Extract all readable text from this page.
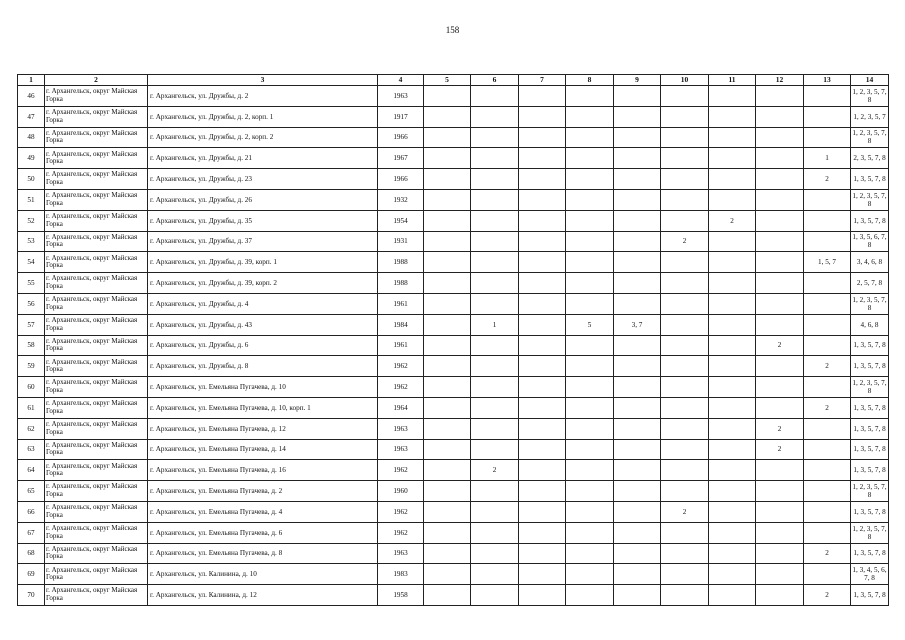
158
1	2	3	4	5	6	7	8	9	10	11	12	13	14
46	г. Архангельск, округ Майская Горка	г. Архангельск, ул. Дружбы, д. 2	1963										1, 2, 3, 5, 7, 8
47	г. Архангельск, округ Майская Горка	г. Архангельск, ул. Дружбы, д. 2, корп. 1	1917										1, 2, 3, 5, 7
48	г. Архангельск, округ Майская Горка	г. Архангельск, ул. Дружбы, д. 2, корп. 2	1966										1, 2, 3, 5, 7, 8
49	г. Архангельск, округ Майская Горка	г. Архангельск, ул. Дружбы, д. 21	1967									1	2, 3, 5, 7, 8
50	г. Архангельск, округ Майская Горка	г. Архангельск, ул. Дружбы, д. 23	1966									2	1, 3, 5, 7, 8
51	г. Архангельск, округ Майская Горка	г. Архангельск, ул. Дружбы, д. 26	1932										1, 2, 3, 5, 7, 8
52	г. Архангельск, округ Майская Горка	г. Архангельск, ул. Дружбы, д. 35	1954							2			1, 3, 5, 7, 8
53	г. Архангельск, округ Майская Горка	г. Архангельск, ул. Дружбы, д. 37	1931						2				1, 3, 5, 6, 7, 8
54	г. Архангельск, округ Майская Горка	г. Архангельск, ул. Дружбы, д. 39, корп. 1	1988									1, 5, 7	3, 4, 6, 8
55	г. Архангельск, округ Майская Горка	г. Архангельск, ул. Дружбы, д. 39, корп. 2	1988										2, 5, 7, 8
56	г. Архангельск, округ Майская Горка	г. Архангельск, ул. Дружбы, д. 4	1961										1, 2, 3, 5, 7, 8
57	г. Архангельск, округ Майская Горка	г. Архангельск, ул. Дружбы, д. 43	1984		1		5	3, 7					4, 6, 8
58	г. Архангельск, округ Майская Горка	г. Архангельск, ул. Дружбы, д. 6	1961								2		1, 3, 5, 7, 8
59	г. Архангельск, округ Майская Горка	г. Архангельск, ул. Дружбы, д. 8	1962									2	1, 3, 5, 7, 8
60	г. Архангельск, округ Майская Горка	г. Архангельск, ул. Емельяна Пугачева, д. 10	1962										1, 2, 3, 5, 7, 8
61	г. Архангельск, округ Майская Горка	г. Архангельск, ул. Емельяна Пугачева, д. 10, корп. 1	1964									2	1, 3, 5, 7, 8
62	г. Архангельск, округ Майская Горка	г. Архангельск, ул. Емельяна Пугачева, д. 12	1963								2		1, 3, 5, 7, 8
63	г. Архангельск, округ Майская Горка	г. Архангельск, ул. Емельяна Пугачева, д. 14	1963								2		1, 3, 5, 7, 8
64	г. Архангельск, округ Майская Горка	г. Архангельск, ул. Емельяна Пугачева, д. 16	1962		2								1, 3, 5, 7, 8
65	г. Архангельск, округ Майская Горка	г. Архангельск, ул. Емельяна Пугачева, д. 2	1960										1, 2, 3, 5, 7, 8
66	г. Архангельск, округ Майская Горка	г. Архангельск, ул. Емельяна Пугачева, д. 4	1962						2				1, 3, 5, 7, 8
67	г. Архангельск, округ Майская Горка	г. Архангельск, ул. Емельяна Пугачева, д. 6	1962										1, 2, 3, 5, 7, 8
68	г. Архангельск, округ Майская Горка	г. Архангельск, ул. Емельяна Пугачева, д. 8	1963									2	1, 3, 5, 7, 8
69	г. Архангельск, округ Майская Горка	г. Архангельск, ул. Калинина, д. 10	1983										1, 3, 4, 5, 6, 7, 8
70	г. Архангельск, округ Майская Горка	г. Архангельск, ул. Калинина, д. 12	1958									2	1, 3, 5, 7, 8
